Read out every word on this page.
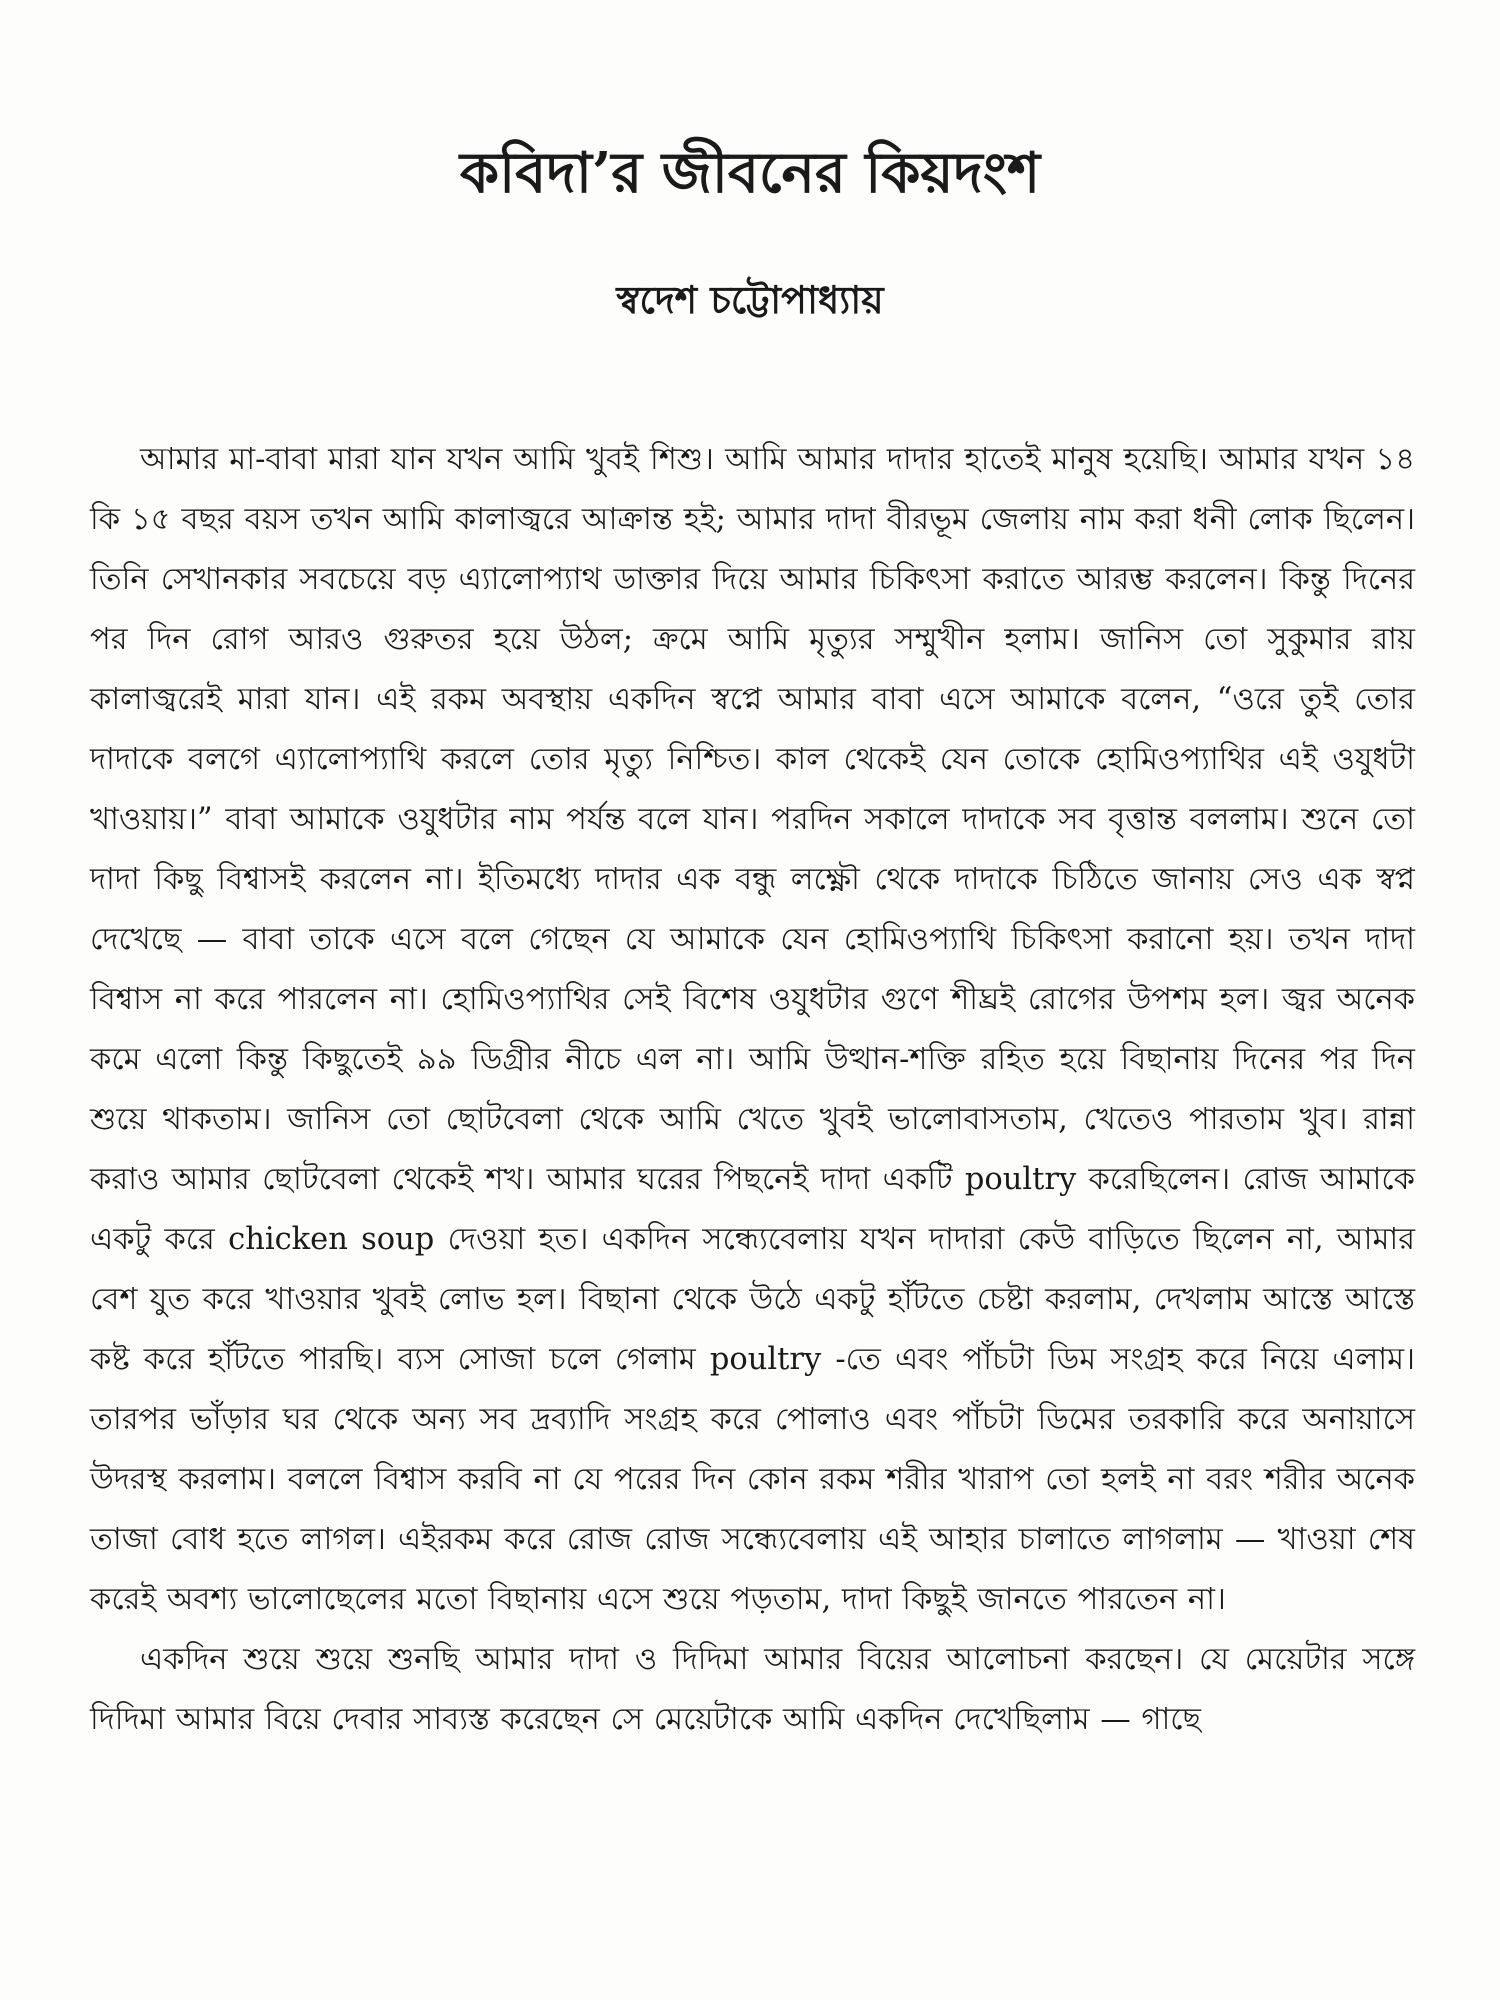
কবিদা’র জীবনের কিয়দংশ
স্বদেশ চট্টোপাধ্যায়

আমার মা-বাবা মারা যান যখন আমি খুবই শিশু। আমি আমার দাদার হাতেই মানুষ হয়েছি। আমার যখন ১৪ কি ১৫ বছর বয়স তখন আমি কালাজ্বরে আক্রান্ত হই; আমার দাদা বীরভূম জেলায় নাম করা ধনী লোক ছিলেন। তিনি সেখানকার সবচেয়ে বড় এ্যালোপ্যাথ ডাক্তার দিয়ে আমার চিকিৎসা করাতে আরম্ভ করলেন। কিন্তু দিনের পর দিন রোগ আরও গুরুতর হয়ে উঠল; ক্রমে আমি মৃত্যুর সম্মুখীন হলাম। জানিস তো সুকুমার রায় কালাজ্বরেই মারা যান। এই রকম অবস্থায় একদিন স্বপ্নে আমার বাবা এসে আমাকে বলেন, “ওরে তুই তোর দাদাকে বলগে এ্যালোপ্যাথি করলে তোর মৃত্যু নিশ্চিত। কাল থেকেই যেন তোকে হোমিওপ্যাথির এই ওযুধটা খাওয়ায়।” বাবা আমাকে ওযুধটার নাম পর্যন্ত বলে যান। পরদিন সকালে দাদাকে সব বৃত্তান্ত বললাম। শুনে তো দাদা কিছু বিশ্বাসই করলেন না। ইতিমধ্যে দাদার এক বন্ধু লক্ষ্ণৌ থেকে দাদাকে চিঠিতে জানায় সেও এক স্বপ্ন দেখেছে — বাবা তাকে এসে বলে গেছেন যে আমাকে যেন হোমিওপ্যাথি চিকিৎসা করানো হয়। তখন দাদা বিশ্বাস না করে পারলেন না। হোমিওপ্যাথির সেই বিশেষ ওযুধটার গুণে শীঘ্রই রোগের উপশম হল। জ্বর অনেক কমে এলো কিন্তু কিছুতেই ৯৯ ডিগ্রীর নীচে এল না। আমি উত্থান-শক্তি রহিত হয়ে বিছানায় দিনের পর দিন শুয়ে থাকতাম। জানিস তো ছোটবেলা থেকে আমি খেতে খুবই ভালোবাসতাম, খেতেও পারতাম খুব। রান্না করাও আমার ছোটবেলা থেকেই শখ। আমার ঘরের পিছনেই দাদা একটি poultry করেছিলেন। রোজ আমাকে একটু করে chicken soup দেওয়া হত। একদিন সন্ধ্যেবেলায় যখন দাদারা কেউ বাড়িতে ছিলেন না, আমার বেশ যুত করে খাওয়ার খুবই লোভ হল। বিছানা থেকে উঠে একটু হাঁটতে চেষ্টা করলাম, দেখলাম আস্তে আস্তে কষ্ট করে হাঁটতে পারছি। ব্যস সোজা চলে গেলাম poultry -তে এবং পাঁচটা ডিম সংগ্রহ করে নিয়ে এলাম। তারপর ভাঁড়ার ঘর থেকে অন্য সব দ্রব্যাদি সংগ্রহ করে পোলাও এবং পাঁচটা ডিমের তরকারি করে অনায়াসে উদরস্থ করলাম। বললে বিশ্বাস করবি না যে পরের দিন কোন রকম শরীর খারাপ তো হলই না বরং শরীর অনেক তাজা বোধ হতে লাগল। এইরকম করে রোজ রোজ সন্ধ্যেবেলায় এই আহার চালাতে লাগলাম — খাওয়া শেষ করেই অবশ্য ভালোছেলের মতো বিছানায় এসে শুয়ে পড়তাম, দাদা কিছুই জানতে পারতেন না।

একদিন শুয়ে শুয়ে শুনছি আমার দাদা ও দিদিমা আমার বিয়ের আলোচনা করছেন। যে মেয়েটার সঙ্গে দিদিমা আমার বিয়ে দেবার সাব্যস্ত করেছেন সে মেয়েটাকে আমি একদিন দেখেছিলাম — গাছে
